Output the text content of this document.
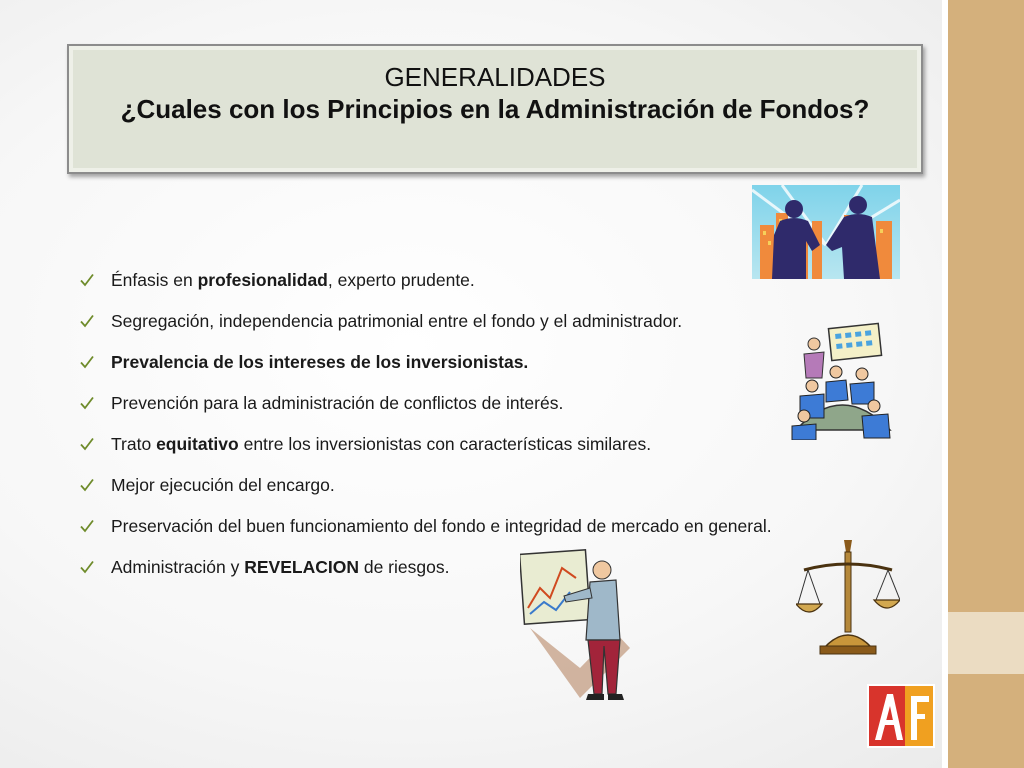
GENERALIDADES
¿Cuales con los Principios en la Administración de Fondos?
Énfasis en profesionalidad, experto prudente.
Segregación, independencia patrimonial entre el fondo y el administrador.
Prevalencia de los intereses de los inversionistas.
Prevención para la administración de conflictos de interés.
Trato equitativo entre los inversionistas con características similares.
Mejor ejecución del encargo.
Preservación del buen funcionamiento del fondo e integridad de mercado en general.
Administración y REVELACION de riesgos.
